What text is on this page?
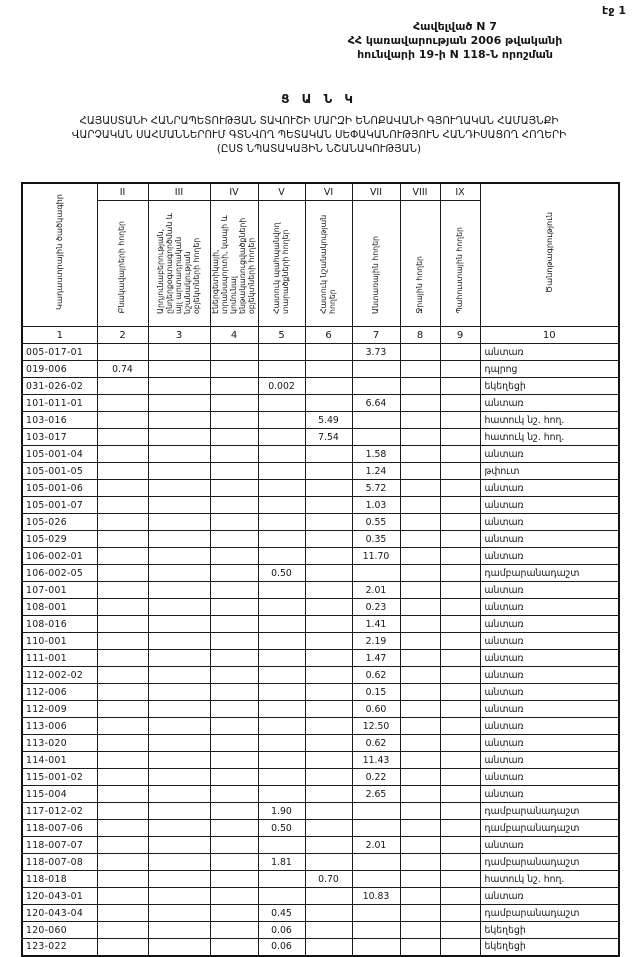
էջ 1
Հավելված N 7
ՀՀ կառավարության 2006 թվականի
հունվարի 19-ի N 118-Ն որոշման
Ց Ա Ն Կ
ՀԱՅԱՍՏԱՆԻ ՀԱՆՐԱՊԵՏՈՒԹՅԱՆ ՏԱՎՈՒՇԻ ՄԱՐԶԻ ԵՆՈՔԱՎԱՆԻ ԳՅՈՒՂԱԿԱՆ ՀԱՄԱՅՆՔԻ
ՎԱՐՉԱԿԱՆ ՍԱՀՄԱՆՆԵՐՈՒՄ ԳՏՆՎՈՂ ՊԵՏԱԿԱՆ ՍԵՓԱԿԱՆՈՒԹՅՈՒՆ ՀԱՆԴԻՍԱՑՈՂ ՀՈՂԵՐԻ
(ԸՍՏ ՆՊԱՏԱԿԱՅԻՆ ՆՇԱՆԱԿՈՒԹՅԱՆ)
Կադաստրային ծածկագիր	II	III	IV	V	VI	VII	VIII	IX	Ծանոթագրություն

	Բնակավայրերի հողեր	Արդյունաբերության, ընդերքօգտագործման և այլ արտադրական նշանակության օբյեկտների հողեր	Էներգետիկայի, տրանսպորտի, կապի և կոմունալ ենթակառուցվածքների օբյեկտների հողեր	Հատուկ պահպանվող տարածքների հողեր	Հատուկ նշանակության հողեր	Անտառային հողեր	Ջրային հողեր	Պահուստային հողեր	

1	2	3	4	5	6	7	8	9	10
005-017-01						3.73			անտառ
019-006	0.74								դպրոց
031-026-02				0.002					եկեղեցի
101-011-01						6.64			անտառ
103-016					5.49				հատուկ նշ. հող.
103-017					7.54				հատուկ նշ. հող.
105-001-04						1.58			անտառ
105-001-05						1.24			թփուտ
105-001-06						5.72			անտառ
105-001-07						1.03			անտառ
105-026						0.55			անտառ
105-029						0.35			անտառ
106-002-01						11.70			անտառ
106-002-05				0.50					դամբարանադաշտ
107-001						2.01			անտառ
108-001						0.23			անտառ
108-016						1.41			անտառ
110-001						2.19			անտառ
111-001						1.47			անտառ
112-002-02						0.62			անտառ
112-006						0.15			անտառ
112-009						0.60			անտառ
113-006						12.50			անտառ
113-020						0.62			անտառ
114-001						11.43			անտառ
115-001-02						0.22			անտառ
115-004						2.65			անտառ
117-012-02				1.90					դամբարանադաշտ
118-007-06				0.50					դամբարանադաշտ
118-007-07						2.01			անտառ
118-007-08				1.81					դամբարանադաշտ
118-018					0.70				հատուկ նշ. հող.
120-043-01						10.83			անտառ
120-043-04				0.45					դամբարանադաշտ
120-060				0.06					եկեղեցի
123-022				0.06					եկեղեցի
